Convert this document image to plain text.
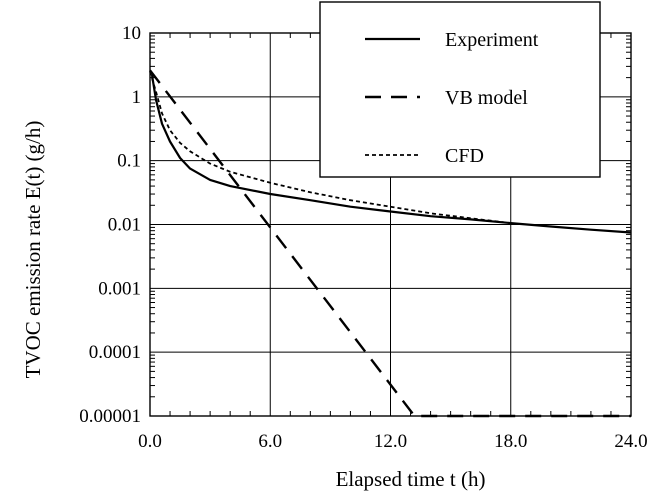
0.0	6.0	12.0	18.0	24.0
10
1
0.1
0.01
0.001
0.0001
0.00001
Experiment
VB model
CFD
Elapsed time t (h)
TVOC emission rate E(t) (g/h)
